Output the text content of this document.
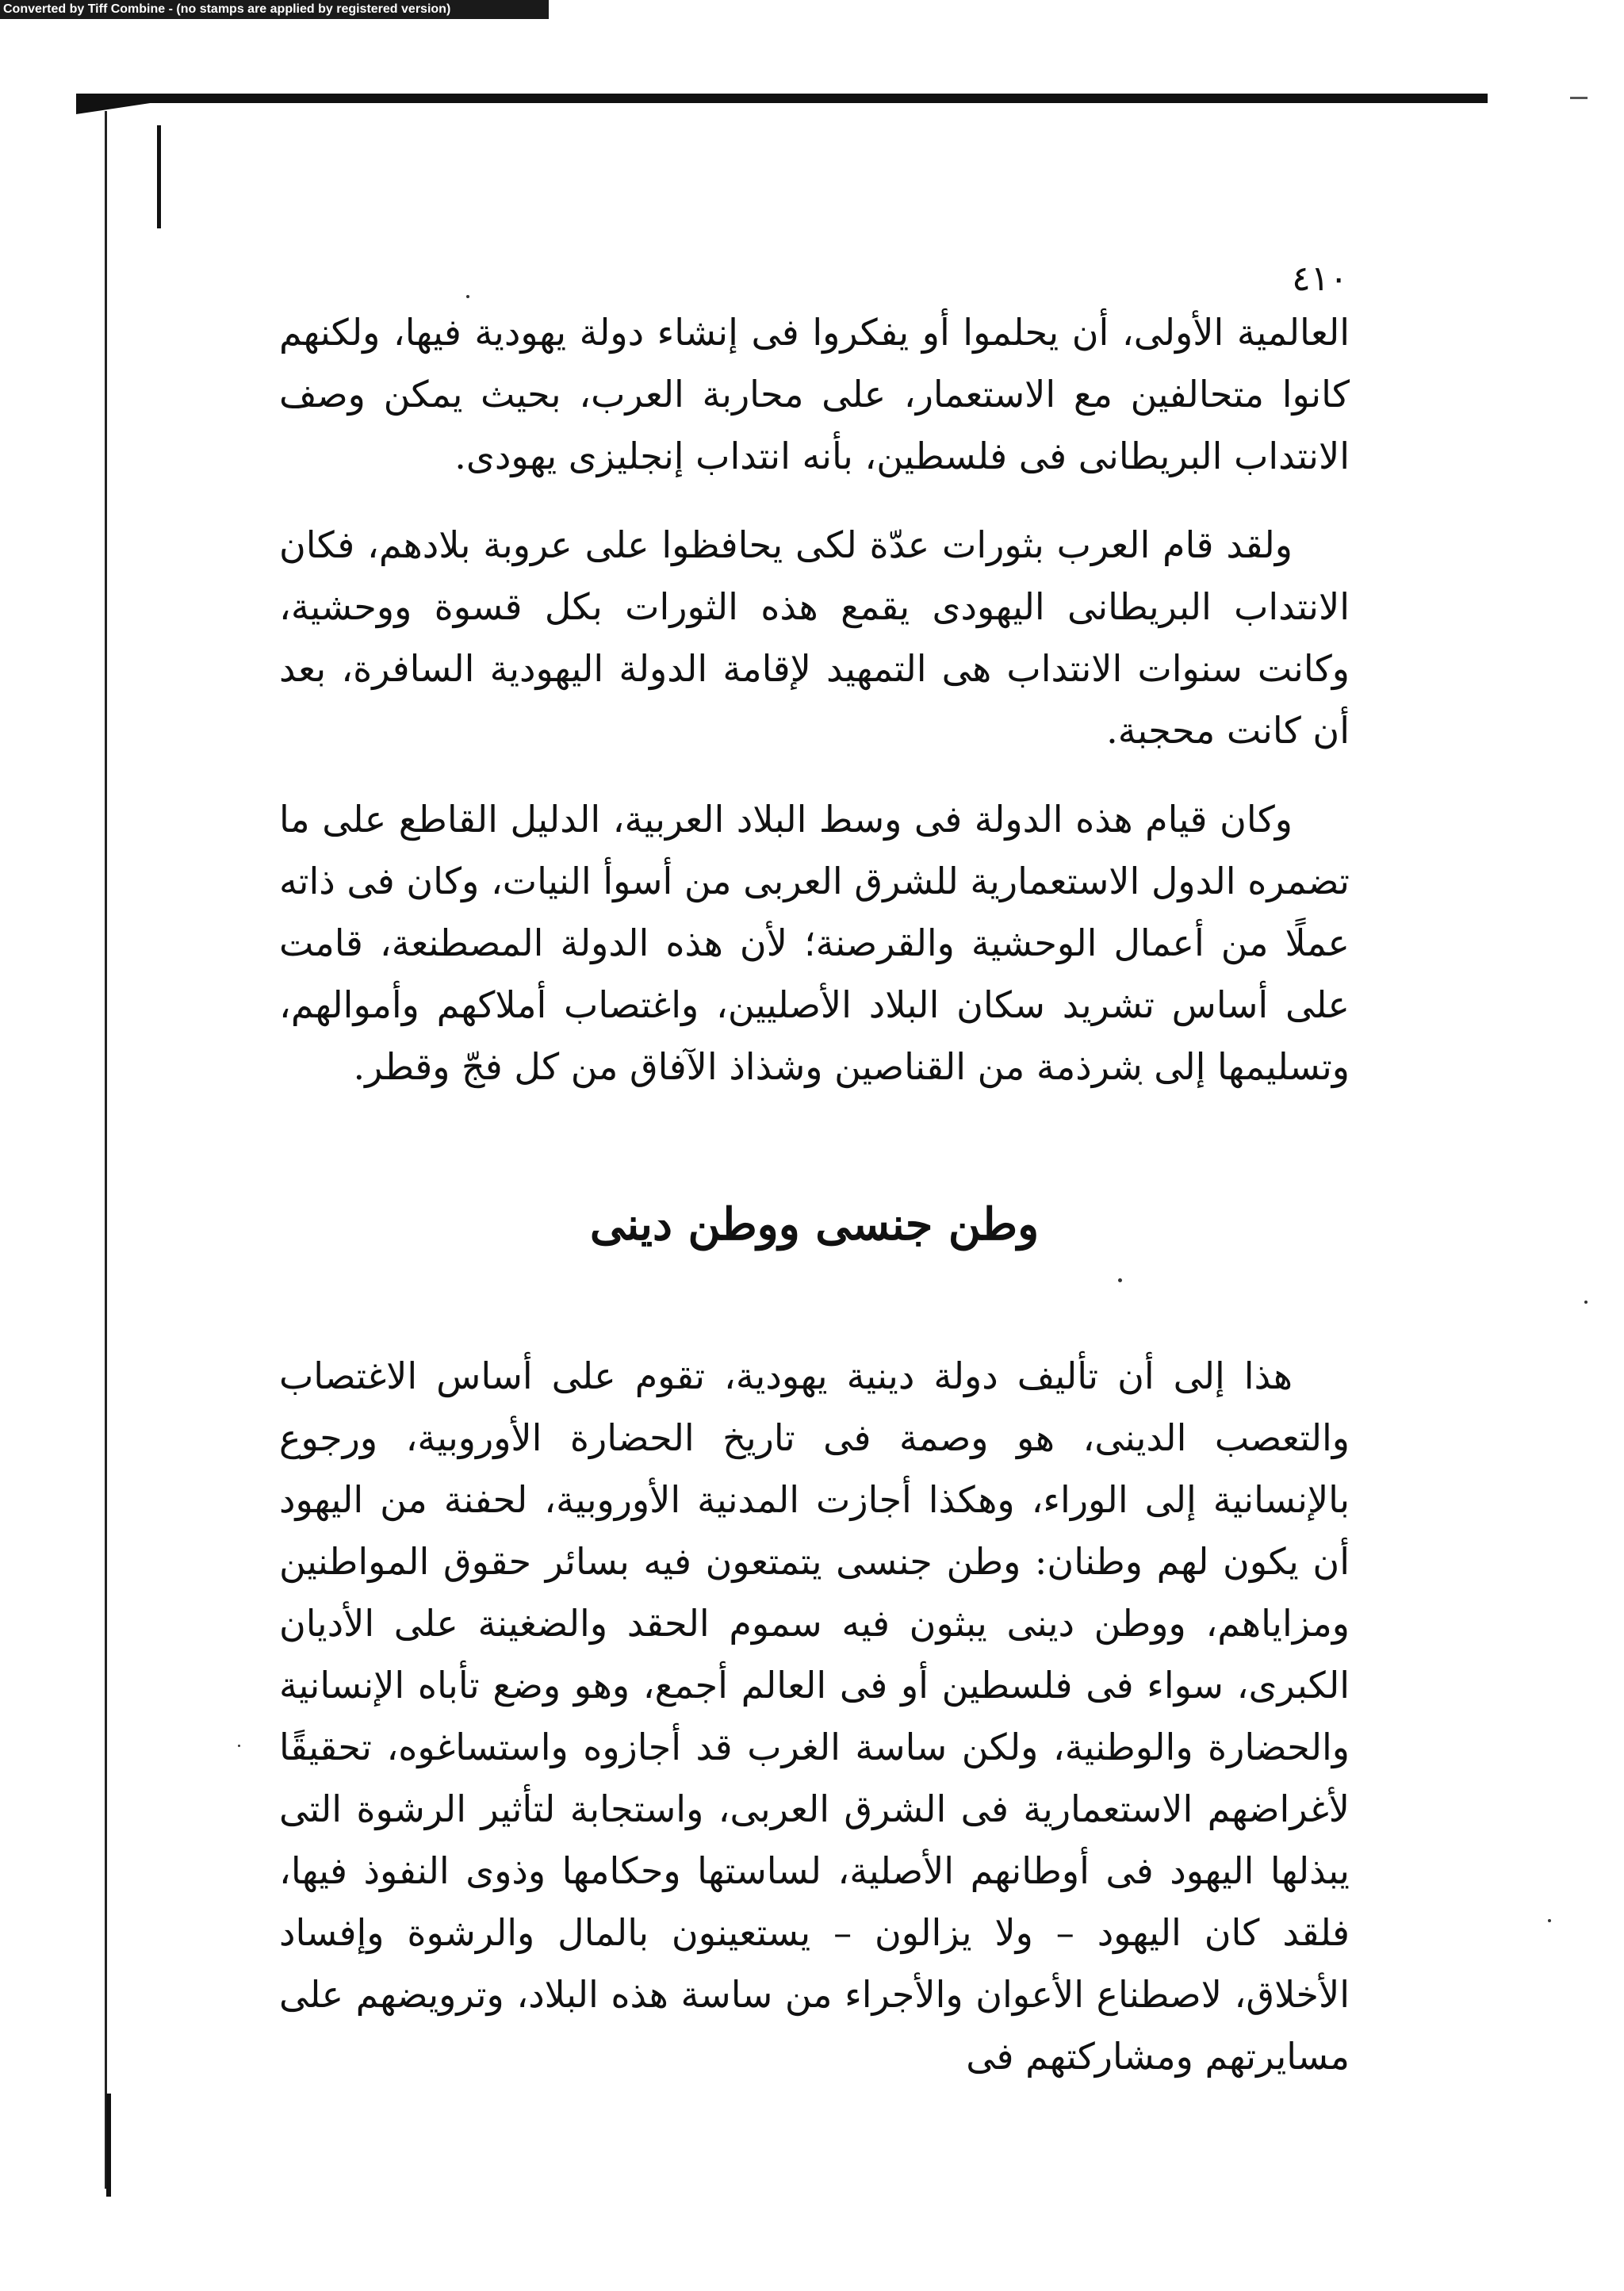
Converted by Tiff Combine - (no stamps are applied by registered version)
٤١٠

العالمية الأولى، أن يحلموا أو يفكروا فى إنشاء دولة يهودية فيها، ولكنهم كانوا متحالفين مع الاستعمار، على محاربة العرب، بحيث يمكن وصف الانتداب البريطانى فى فلسطين، بأنه انتداب إنجليزى يهودى.

ولقد قام العرب بثورات عدّة لكى يحافظوا على عروبة بلادهم، فكان الانتداب البريطانى اليهودى يقمع هذه الثورات بكل قسوة ووحشية، وكانت سنوات الانتداب هى التمهيد لإقامة الدولة اليهودية السافرة، بعد أن كانت محجبة.

وكان قيام هذه الدولة فى وسط البلاد العربية، الدليل القاطع على ما تضمره الدول الاستعمارية للشرق العربى من أسوأ النيات، وكان فى ذاته عملًا من أعمال الوحشية والقرصنة؛ لأن هذه الدولة المصطنعة، قامت على أساس تشريد سكان البلاد الأصليين، واغتصاب أملاكهم وأموالهم، وتسليمها إلى شرذمة من القناصين وشذاذ الآفاق من كل فجّ وقطر.

وطن جنسى ووطن دينى

هذا إلى أن تأليف دولة دينية يهودية، تقوم على أساس الاغتصاب والتعصب الدينى، هو وصمة فى تاريخ الحضارة الأوروبية، ورجوع بالإنسانية إلى الوراء، وهكذا أجازت المدنية الأوروبية، لحفنة من اليهود أن يكون لهم وطنان: وطن جنسى يتمتعون فيه بسائر حقوق المواطنين ومزاياهم، ووطن دينى يبثون فيه سموم الحقد والضغينة على الأديان الكبرى، سواء فى فلسطين أو فى العالم أجمع، وهو وضع تأباه الإنسانية والحضارة والوطنية، ولكن ساسة الغرب قد أجازوه واستساغوه، تحقيقًا لأغراضهم الاستعمارية فى الشرق العربى، واستجابة لتأثير الرشوة التى يبذلها اليهود فى أوطانهم الأصلية، لساستها وحكامها وذوى النفوذ فيها، فلقد كان اليهود – ولا يزالون – يستعينون بالمال والرشوة وإفساد الأخلاق، لاصطناع الأعوان والأجراء من ساسة هذه البلاد، وترويضهم على مسايرتهم ومشاركتهم فى
